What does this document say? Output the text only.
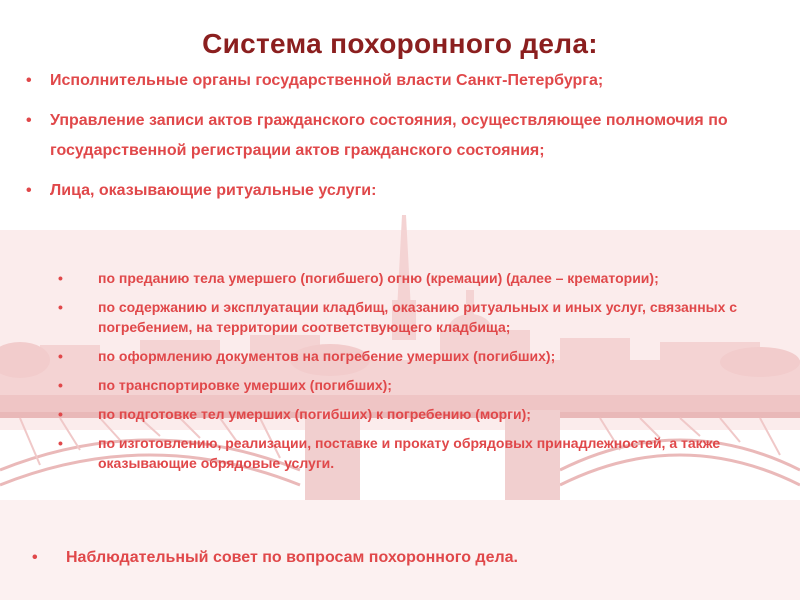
Система похоронного дела:
• Исполнительные органы государственной власти Санкт-Петербурга;
• Управление записи актов гражданского состояния, осуществляющее полномочия по государственной регистрации актов гражданского состояния;
• Лица, оказывающие ритуальные услуги:
•	по преданию тела умершего (погибшего) огню (кремации) (далее – крематории);
•	по содержанию и эксплуатации кладбищ, оказанию ритуальных и иных услуг, связанных с погребением, на территории соответствующего кладбища;
•	по оформлению документов на погребение умерших (погибших);
•	по транспортировке умерших (погибших);
•	по подготовке тел умерших (погибших) к погребению (морги);
•	по изготовлению, реализации, поставке и прокату обрядовых принадлежностей, а также оказывающие обрядовые услуги.
• Наблюдательный совет по вопросам похоронного дела.
